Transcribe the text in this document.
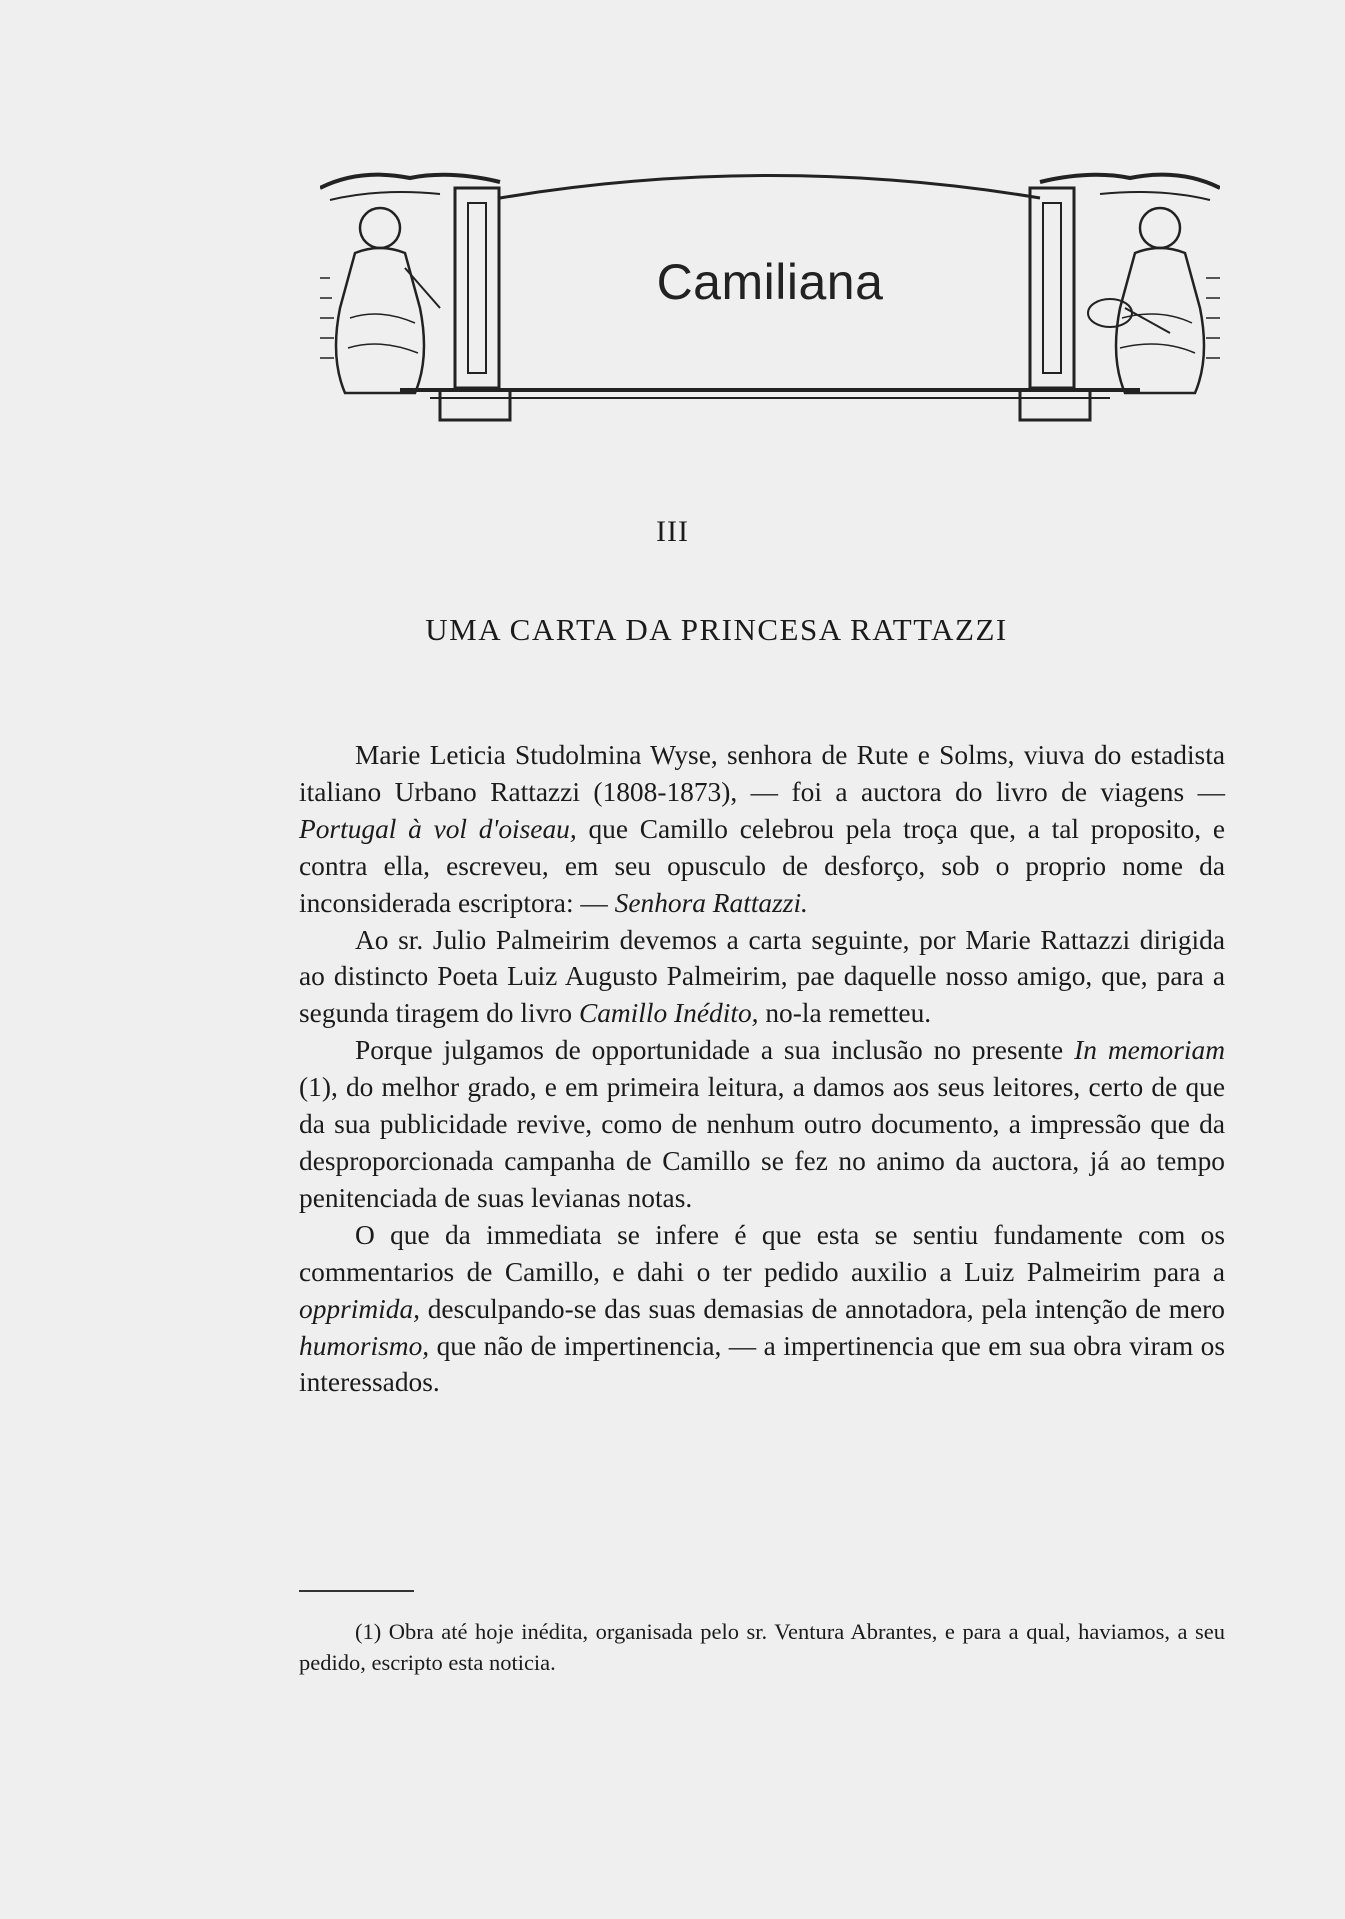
Camiliana
III
UMA CARTA DA PRINCESA RATTAZZI

Marie Leticia Studolmina Wyse, senhora de Rute e Solms, viuva do estadista italiano Urbano Rattazzi (1808-1873), — foi a auctora do livro de viagens — Portugal à vol d'oiseau, que Camillo celebrou pela troça que, a tal proposito, e contra ella, escreveu, em seu opusculo de desforço, sob o proprio nome da inconsiderada escriptora: — Senhora Rattazzi.

Ao sr. Julio Palmeirim devemos a carta seguinte, por Marie Rattazzi dirigida ao distincto Poeta Luiz Augusto Palmeirim, pae daquelle nosso amigo, que, para a segunda tiragem do livro Camillo Inédito, no-la remetteu.

Porque julgamos de opportunidade a sua inclusão no presente In memoriam (1), do melhor grado, e em primeira leitura, a damos aos seus leitores, certo de que da sua publicidade revive, como de nenhum outro documento, a impressão que da desproporcionada campanha de Camillo se fez no animo da auctora, já ao tempo penitenciada de suas levianas notas.

O que da immediata se infere é que esta se sentiu fundamente com os commentarios de Camillo, e dahi o ter pedido auxilio a Luiz Palmeirim para a opprimida, desculpando-se das suas demasias de annotadora, pela intenção de mero humorismo, que não de impertinencia, — a impertinencia que em sua obra viram os interessados.

(1) Obra até hoje inédita, organisada pelo sr. Ventura Abrantes, e para a qual, haviamos, a seu pedido, escripto esta noticia.
